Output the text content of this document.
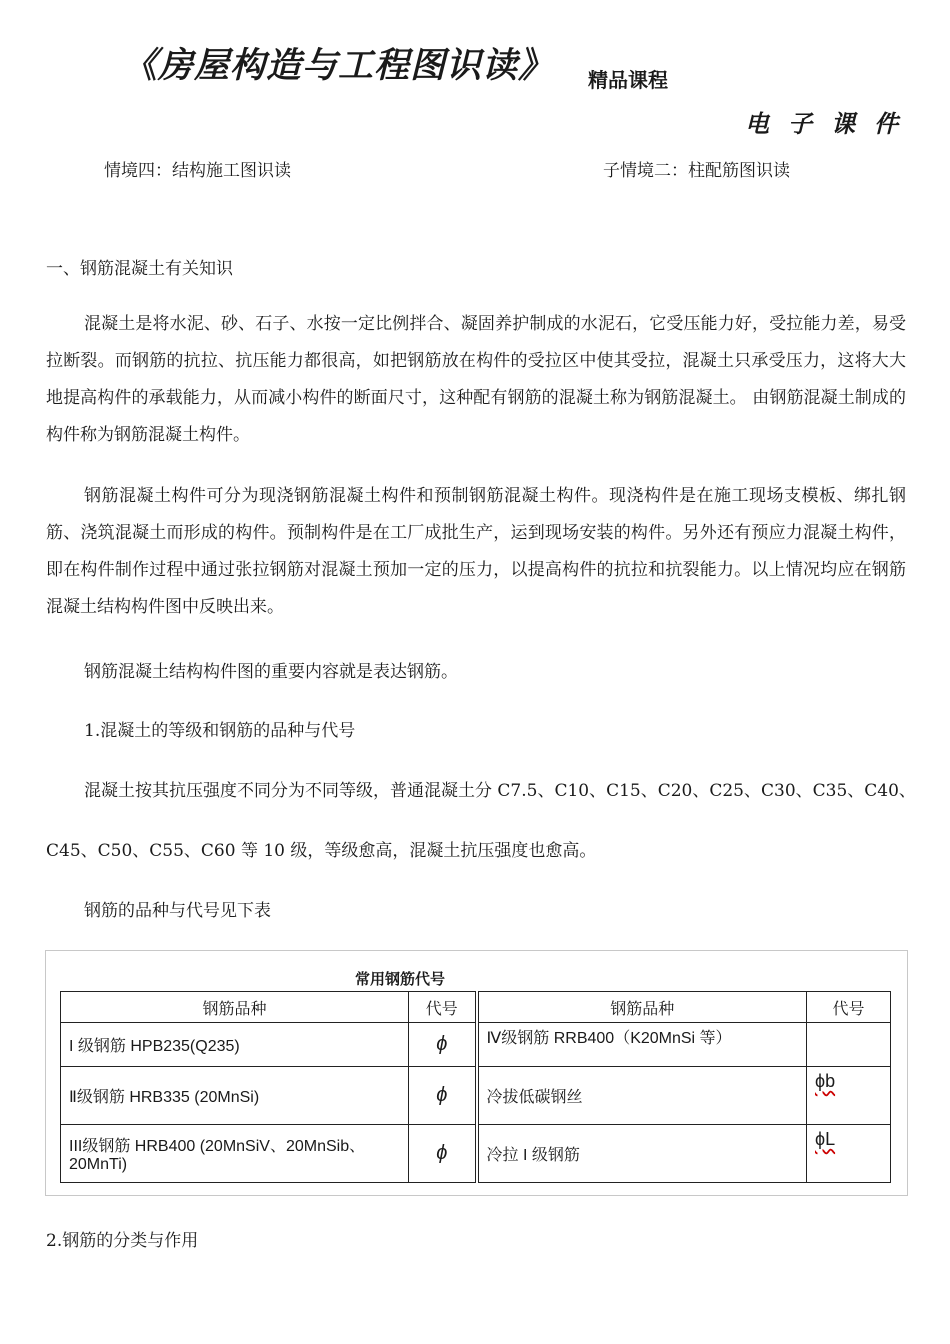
《房屋构造与工程图识读》 精品课程
电子课件
情境四：结构施工图识读	子情境二：柱配筋图识读
一、钢筋混凝土有关知识
混凝土是将水泥、砂、石子、水按一定比例拌合、凝固养护制成的水泥石，它受压能力好，受拉能力差，易受拉断裂。而钢筋的抗拉、抗压能力都很高，如把钢筋放在构件的受拉区中使其受拉，混凝土只承受压力，这将大大地提高构件的承载能力，从而减小构件的断面尺寸，这种配有钢筋的混凝土称为钢筋混凝土。 由钢筋混凝土制成的构件称为钢筋混凝土构件。
钢筋混凝土构件可分为现浇钢筋混凝土构件和预制钢筋混凝土构件。现浇构件是在施工现场支模板、绑扎钢筋、浇筑混凝土而形成的构件。预制构件是在工厂成批生产，运到现场安装的构件。另外还有预应力混凝土构件，即在构件制作过程中通过张拉钢筋对混凝土预加一定的压力，以提高构件的抗拉和抗裂能力。以上情况均应在钢筋混凝土结构构件图中反映出来。
钢筋混凝土结构构件图的重要内容就是表达钢筋。
1.混凝土的等级和钢筋的品种与代号
混凝土按其抗压强度不同分为不同等级，普通混凝土分 C7.5、C10、C15、C20、C25、C30、C35、C40、
C45、C50、C55、C60 等 10 级，等级愈高，混凝土抗压强度也愈高。
钢筋的品种与代号见下表
常用钢筋代号
钢筋品种	代号	钢筋品种	代号
I 级钢筋 HPB235(Q235)	ϕ	Ⅳ级钢筋 RRB400（K20MnSi 等）	
Ⅱ级钢筋 HRB335 (20MnSi)	ϕ	冷拔低碳钢丝	ϕb
III级钢筋 HRB400 (20MnSiV、20MnSib、20MnTi)	ϕ	冷拉 I 级钢筋	ϕL
2.钢筋的分类与作用
